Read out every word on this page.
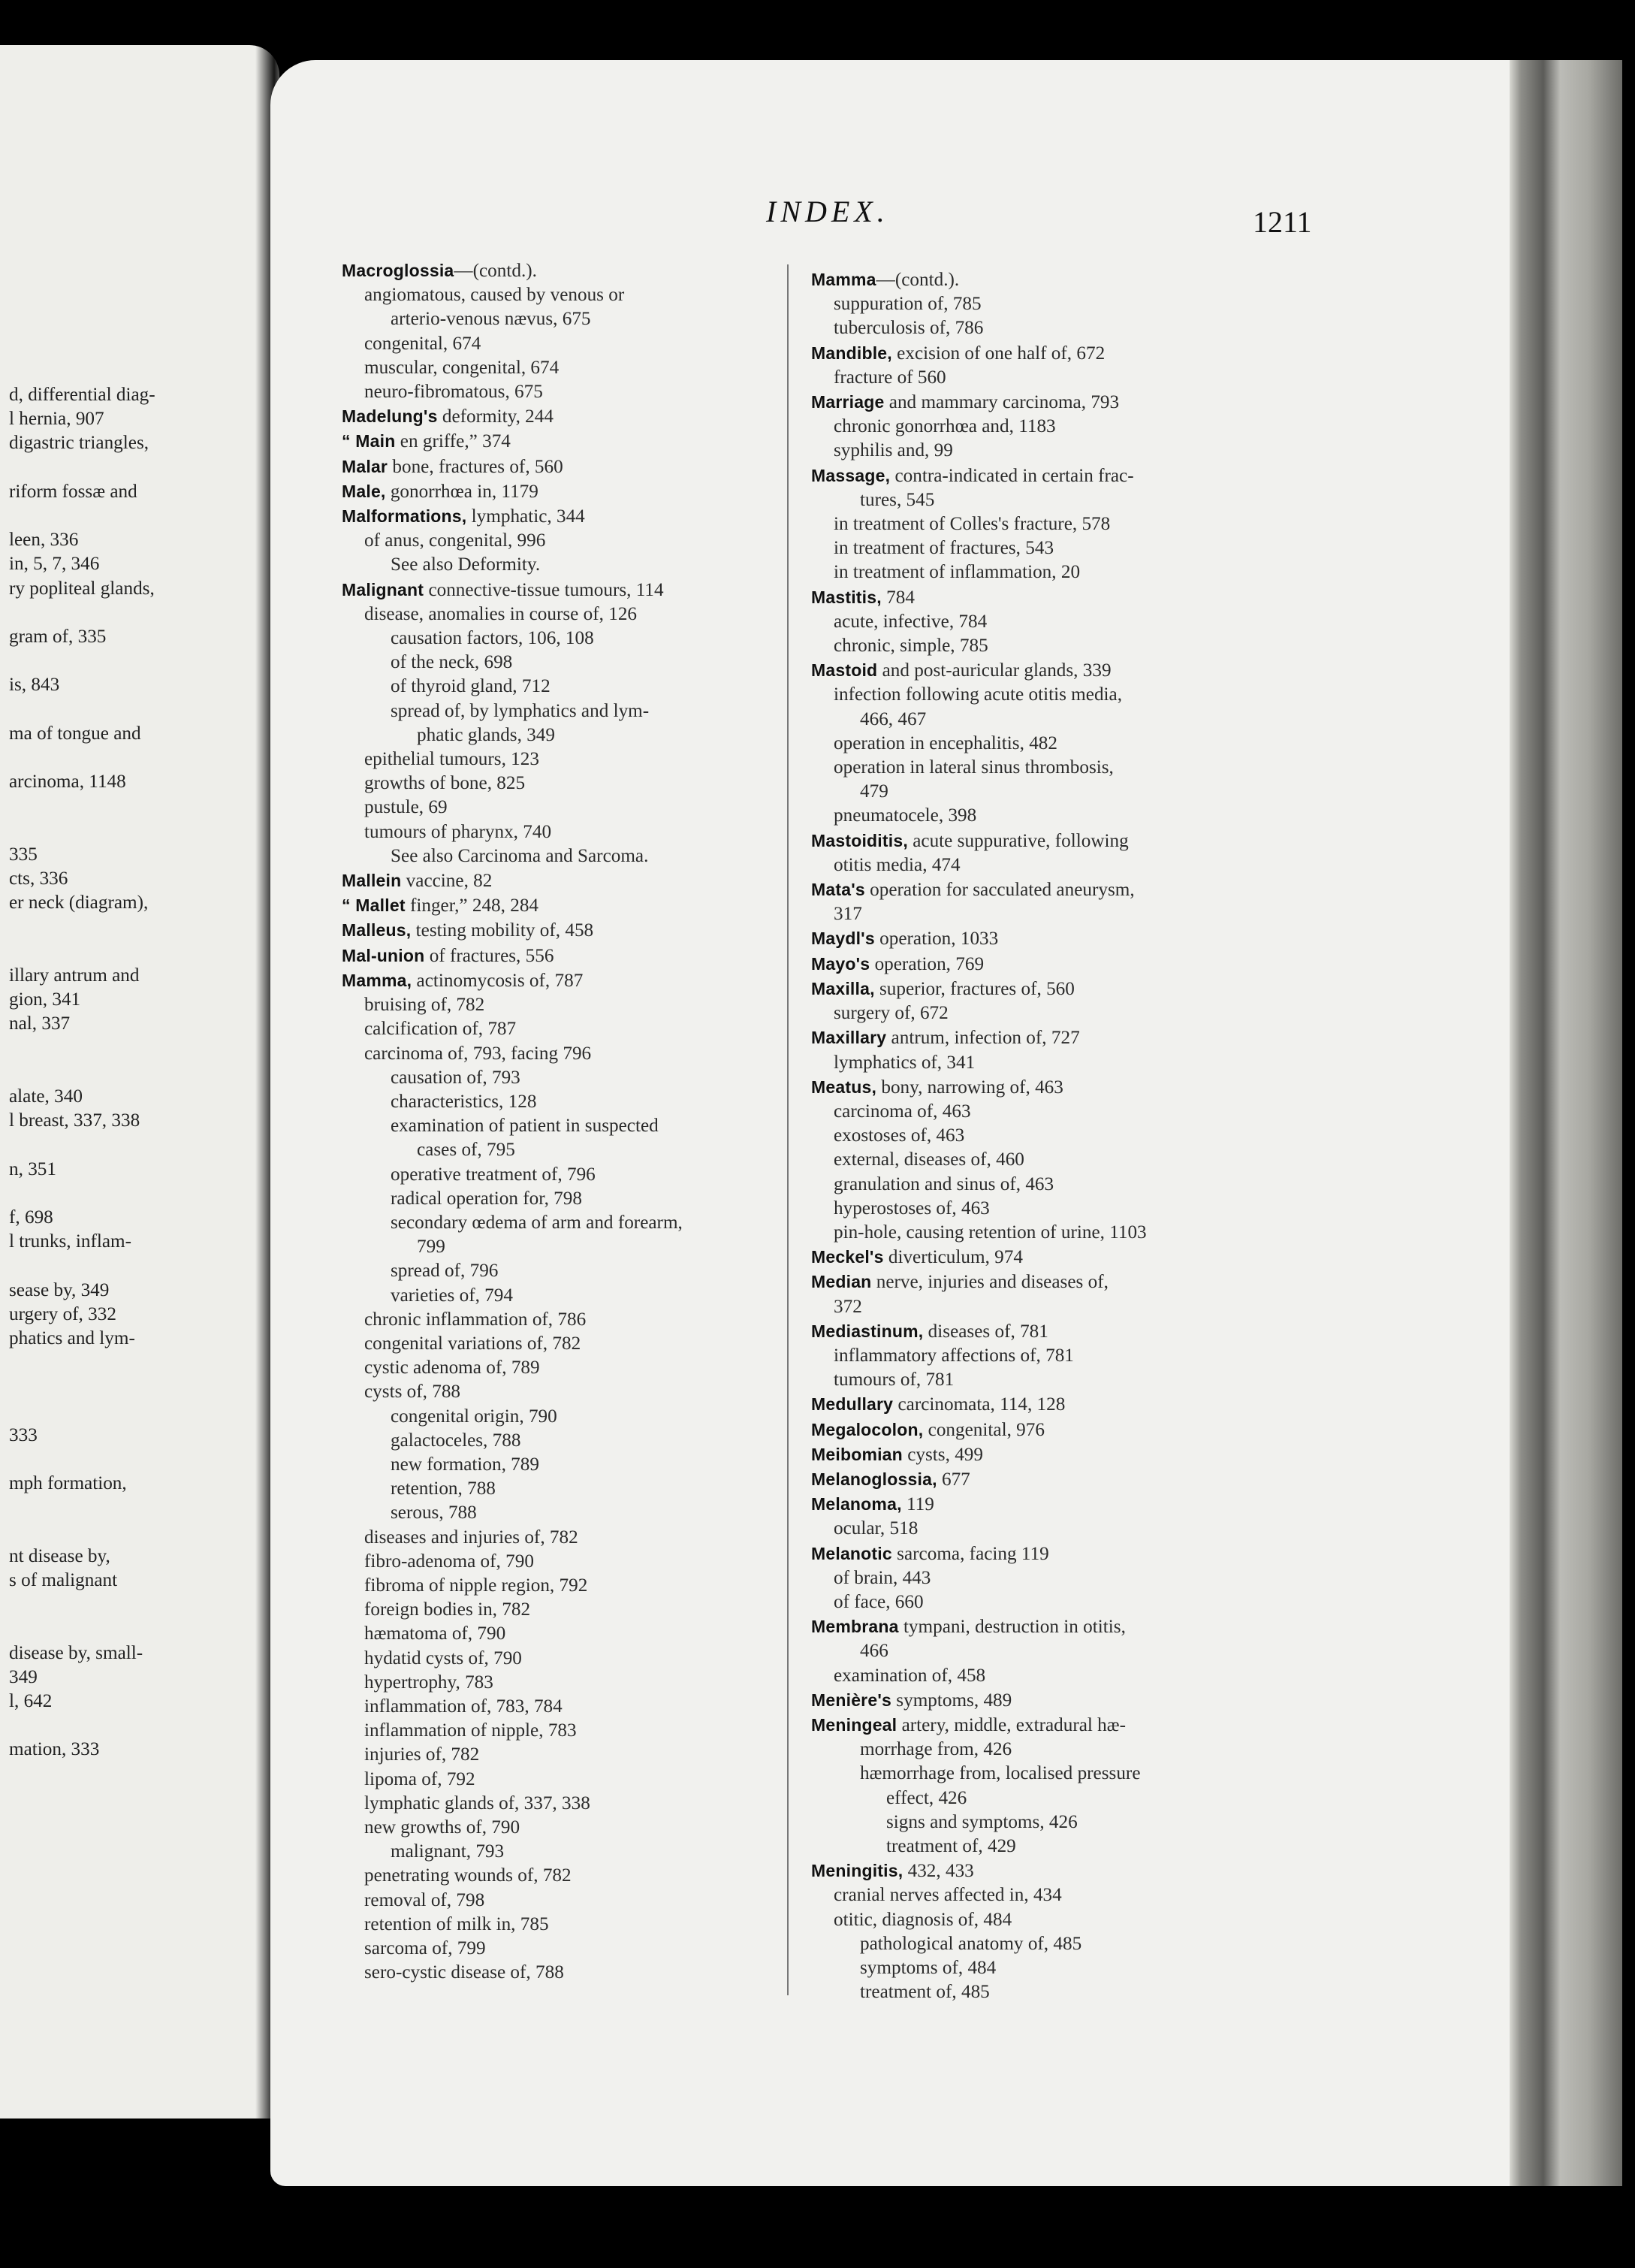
d, differential diag-
l hernia, 907
digastric triangles,

riform fossæ and

leen, 336
in, 5, 7, 346
ry popliteal glands,

gram of, 335

is, 843

ma of tongue and

arcinoma, 1148

335
cts, 336
er neck (diagram),

illary antrum and
gion, 341
nal, 337

alate, 340
l breast, 337, 338

n, 351

f, 698
l trunks, inflam-

sease by, 349
urgery of, 332
phatics and lym-

333

mph formation,

nt disease by,
s of malignant

disease by, small-
349
l, 642

mation, 333
INDEX.	1211
Macroglossia—(contd.).
angiomatous, caused by venous or
arterio-venous nævus, 675
congenital, 674
muscular, congenital, 674
neuro-fibromatous, 675
Madelung's deformity, 244
“ Main en griffe,” 374
Malar bone, fractures of, 560
Male, gonorrhœa in, 1179
Malformations, lymphatic, 344
of anus, congenital, 996
See also Deformity.
Malignant connective-tissue tumours, 114
disease, anomalies in course of, 126
causation factors, 106, 108
of the neck, 698
of thyroid gland, 712
spread of, by lymphatics and lym-
phatic glands, 349
epithelial tumours, 123
growths of bone, 825
pustule, 69
tumours of pharynx, 740
See also Carcinoma and Sarcoma.
Mallein vaccine, 82
“ Mallet finger,” 248, 284
Malleus, testing mobility of, 458
Mal-union of fractures, 556
Mamma, actinomycosis of, 787
bruising of, 782
calcification of, 787
carcinoma of, 793, facing 796
causation of, 793
characteristics, 128
examination of patient in suspected
cases of, 795
operative treatment of, 796
radical operation for, 798
secondary œdema of arm and forearm,
799
spread of, 796
varieties of, 794
chronic inflammation of, 786
congenital variations of, 782
cystic adenoma of, 789
cysts of, 788
congenital origin, 790
galactoceles, 788
new formation, 789
retention, 788
serous, 788
diseases and injuries of, 782
fibro-adenoma of, 790
fibroma of nipple region, 792
foreign bodies in, 782
hæmatoma of, 790
hydatid cysts of, 790
hypertrophy, 783
inflammation of, 783, 784
inflammation of nipple, 783
injuries of, 782
lipoma of, 792
lymphatic glands of, 337, 338
new growths of, 790
malignant, 793
penetrating wounds of, 782
removal of, 798
retention of milk in, 785
sarcoma of, 799
sero-cystic disease of, 788
Mamma—(contd.).
suppuration of, 785
tuberculosis of, 786
Mandible, excision of one half of, 672
fracture of 560
Marriage and mammary carcinoma, 793
chronic gonorrhœa and, 1183
syphilis and, 99
Massage, contra-indicated in certain frac-
tures, 545
in treatment of Colles's fracture, 578
in treatment of fractures, 543
in treatment of inflammation, 20
Mastitis, 784
acute, infective, 784
chronic, simple, 785
Mastoid and post-auricular glands, 339
infection following acute otitis media,
466, 467
operation in encephalitis, 482
operation in lateral sinus thrombosis,
479
pneumatocele, 398
Mastoiditis, acute suppurative, following
otitis media, 474
Mata's operation for sacculated aneurysm,
317
Maydl's operation, 1033
Mayo's operation, 769
Maxilla, superior, fractures of, 560
surgery of, 672
Maxillary antrum, infection of, 727
lymphatics of, 341
Meatus, bony, narrowing of, 463
carcinoma of, 463
exostoses of, 463
external, diseases of, 460
granulation and sinus of, 463
hyperostoses of, 463
pin-hole, causing retention of urine, 1103
Meckel's diverticulum, 974
Median nerve, injuries and diseases of,
372
Mediastinum, diseases of, 781
inflammatory affections of, 781
tumours of, 781
Medullary carcinomata, 114, 128
Megalocolon, congenital, 976
Meibomian cysts, 499
Melanoglossia, 677
Melanoma, 119
ocular, 518
Melanotic sarcoma, facing 119
of brain, 443
of face, 660
Membrana tympani, destruction in otitis,
466
examination of, 458
Menière's symptoms, 489
Meningeal artery, middle, extradural hæ-
morrhage from, 426
hæmorrhage from, localised pressure
effect, 426
signs and symptoms, 426
treatment of, 429
Meningitis, 432, 433
cranial nerves affected in, 434
otitic, diagnosis of, 484
pathological anatomy of, 485
symptoms of, 484
treatment of, 485
